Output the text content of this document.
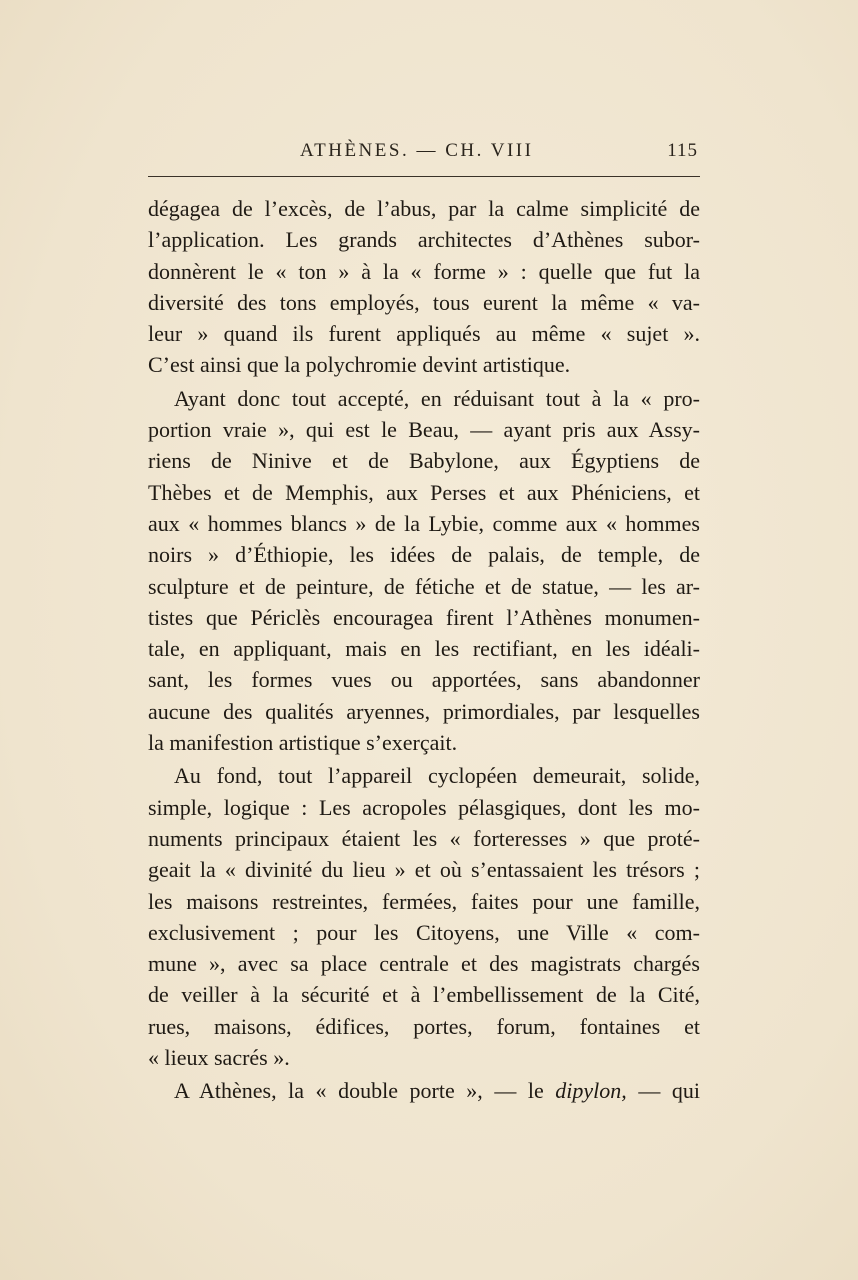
ATHÈNES. — CH. VIII	115
dégagea de l’excès, de l’abus, par la calme simplicité de
l’application. Les grands architectes d’Athènes subor-
donnèrent le « ton » à la « forme » : quelle que fut la
diversité des tons employés, tous eurent la même « va-
leur » quand ils furent appliqués au même « sujet ».
C’est ainsi que la polychromie devint artistique.
Ayant donc tout accepté, en réduisant tout à la « pro-
portion vraie », qui est le Beau, — ayant pris aux Assy-
riens de Ninive et de Babylone, aux Égyptiens de
Thèbes et de Memphis, aux Perses et aux Phéniciens, et
aux « hommes blancs » de la Lybie, comme aux « hommes
noirs » d’Éthiopie, les idées de palais, de temple, de
sculpture et de peinture, de fétiche et de statue, — les ar-
tistes que Périclès encouragea firent l’Athènes monumen-
tale, en appliquant, mais en les rectifiant, en les idéali-
sant, les formes vues ou apportées, sans abandonner
aucune des qualités aryennes, primordiales, par lesquelles
la manifestion artistique s’exerçait.
Au fond, tout l’appareil cyclopéen demeurait, solide,
simple, logique : Les acropoles pélasgiques, dont les mo-
numents principaux étaient les « forteresses » que proté-
geait la « divinité du lieu » et où s’entassaient les trésors ;
les maisons restreintes, fermées, faites pour une famille,
exclusivement ; pour les Citoyens, une Ville « com-
mune », avec sa place centrale et des magistrats chargés
de veiller à la sécurité et à l’embellissement de la Cité,
rues, maisons, édifices, portes, forum, fontaines et
« lieux sacrés ».
A Athènes, la « double porte », — le dipylon, — qui
